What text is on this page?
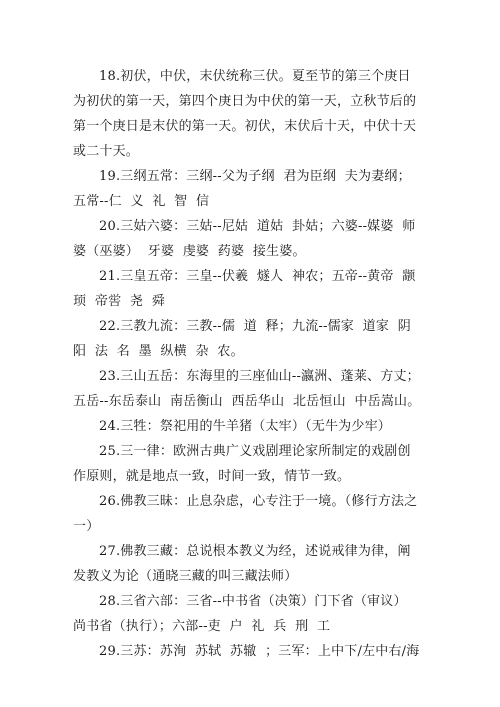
18.初伏，中伏，末伏统称三伏。夏至节的第三个庚日
为初伏的第一天，第四个庚日为中伏的第一天，立秋节后的
第一个庚日是末伏的第一天。初伏，末伏后十天，中伏十天
或二十天。
19.三纲五常：三纲--父为子纲  君为臣纲  夫为妻纲；
五常--仁  义  礼  智  信
20.三姑六婆：三姑--尼姑  道姑  卦姑；六婆--媒婆  师
婆（巫婆）  牙婆  虔婆  药婆  接生婆。
21.三皇五帝：三皇--伏羲  燧人  神农；五帝--黄帝  颛
顼  帝喾  尧  舜
22.三教九流：三教--儒  道  释；九流--儒家  道家  阴
阳  法  名  墨  纵横  杂  农。
23.三山五岳：东海里的三座仙山--瀛洲、蓬莱、方丈；
五岳--东岳泰山  南岳衡山  西岳华山  北岳恒山  中岳嵩山。
24.三牲：祭祀用的牛羊猪（太牢）（无牛为少牢）
25.三一律：欧洲古典广义戏剧理论家所制定的戏剧创
作原则，就是地点一致，时间一致，情节一致。
26.佛教三昧：止息杂虑，心专注于一境。（修行方法之
一）
27.佛教三藏：总说根本教义为经，述说戒律为律，阐
发教义为论（通晓三藏的叫三藏法师）
28.三省六部：三省--中书省（决策）门下省（审议）
尚书省（执行）；六部--吏  户  礼  兵  刑  工
29.三苏：苏洵  苏轼  苏辙  ；三军：上中下/左中右/海
